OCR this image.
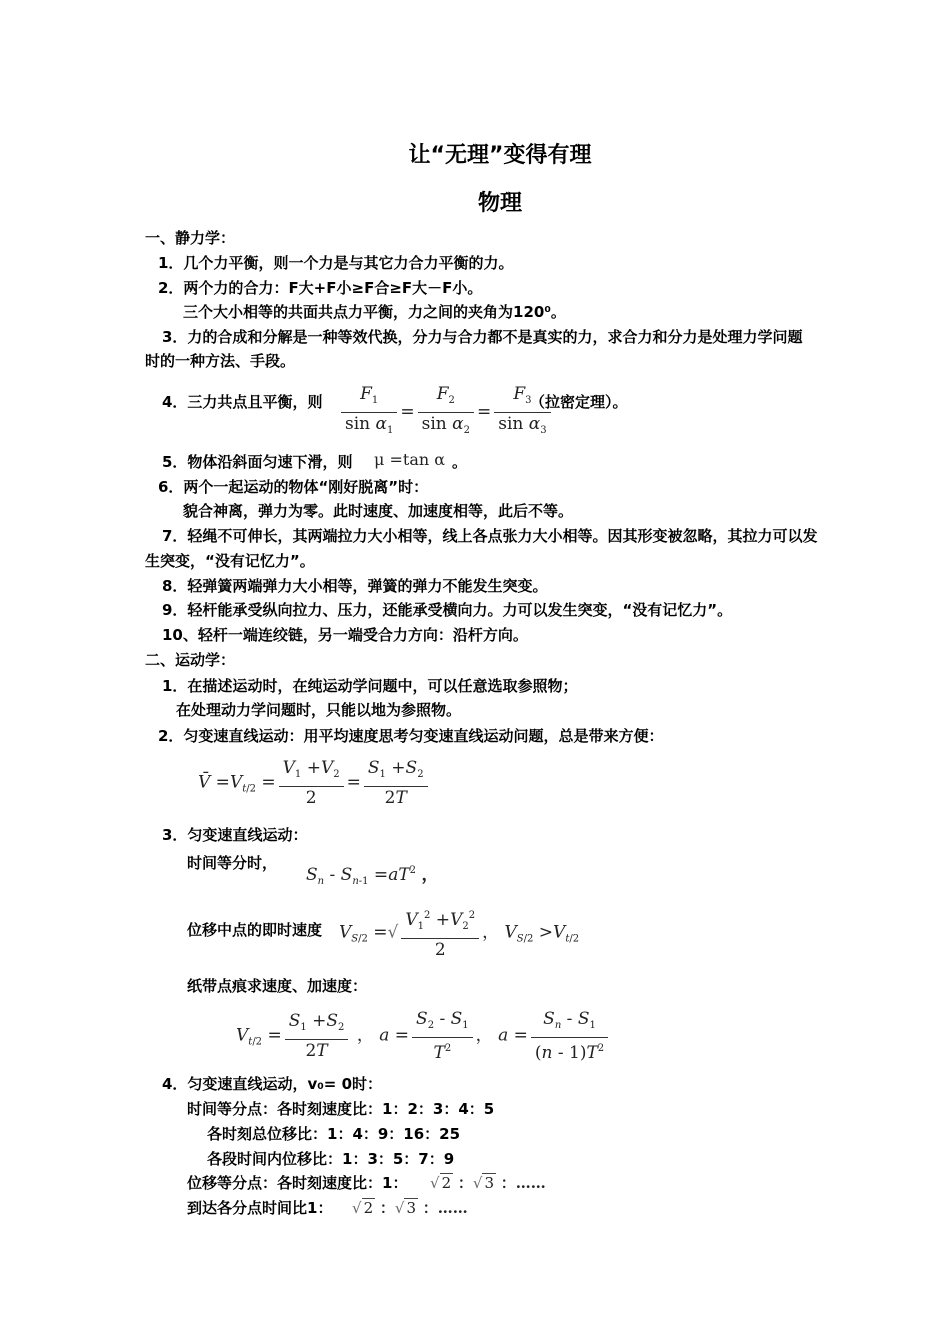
让“无理”变得有理
物理
一、静力学：
1．几个力平衡，则一个力是与其它力合力平衡的力。
2．两个力的合力：F大+F小≥F合≥F大－F小。
三个大小相等的共面共点力平衡，力之间的夹角为120⁰。
3．力的合成和分解是一种等效代换，分力与合力都不是真实的力，求合力和分力是处理力学问题
时的一种方法、手段。
4．三力共点且平衡，则 $\frac{F_1}{\sin \alpha_1} = \frac{F_2}{\sin \alpha_2} = \frac{F_3}{\sin \alpha_3}$
（拉密定理）。
5．物体沿斜面匀速下滑，则 μ =tan α 。
6．两个一起运动的物体“刚好脱离”时：
貌合神离，弹力为零。此时速度、加速度相等，此后不等。
7．轻绳不可伸长，其两端拉力大小相等，线上各点张力大小相等。因其形变被忽略，其拉力可以发
生突变，“没有记忆力”。
8．轻弹簧两端弹力大小相等，弹簧的弹力不能发生突变。
9．轻杆能承受纵向拉力、压力，还能承受横向力。力可以发生突变，“没有记忆力”。
10、轻杆一端连绞链，另一端受合力方向：沿杆方向。
二、运动学：
1．在描述运动时，在纯运动学问题中，可以任意选取参照物；
在处理动力学问题时，只能以地为参照物。
2．匀变速直线运动：用平均速度思考匀变速直线运动问题，总是带来方便：
V̄ $=V_{t/2} = \frac{V_1 +V_2}{2} = \frac{S_1 +S_2}{2T}$
3．匀变速直线运动：
时间等分时，
$S_n - S_{n-1} =aT^2$ ，
位移中点的即时速度 $V_{S/2}$ =√ $\frac{V_1^2 +V_2^2}{2}$ ， $V_{S/2} >V_{t/2}$
纸带点痕求速度、加速度：
$V_{t/2} = \frac{S_1 +S_2}{2T}$ ， $a = \frac{S_2 - S_1}{T^2}$ ， $a = \frac{S_n - S_1}{(n - 1)T^2}$
4．匀变速直线运动，v₀= 0时：
时间等分点：各时刻速度比：1：2：3：4：5
各时刻总位移比：1：4：9：16：25
各段时间内位移比：1：3：5：7：9
位移等分点：各时刻速度比：1： √ 2 ：√ 3 ：……
到达各分点时间比1： √ 2 ：√ 3 ：……
